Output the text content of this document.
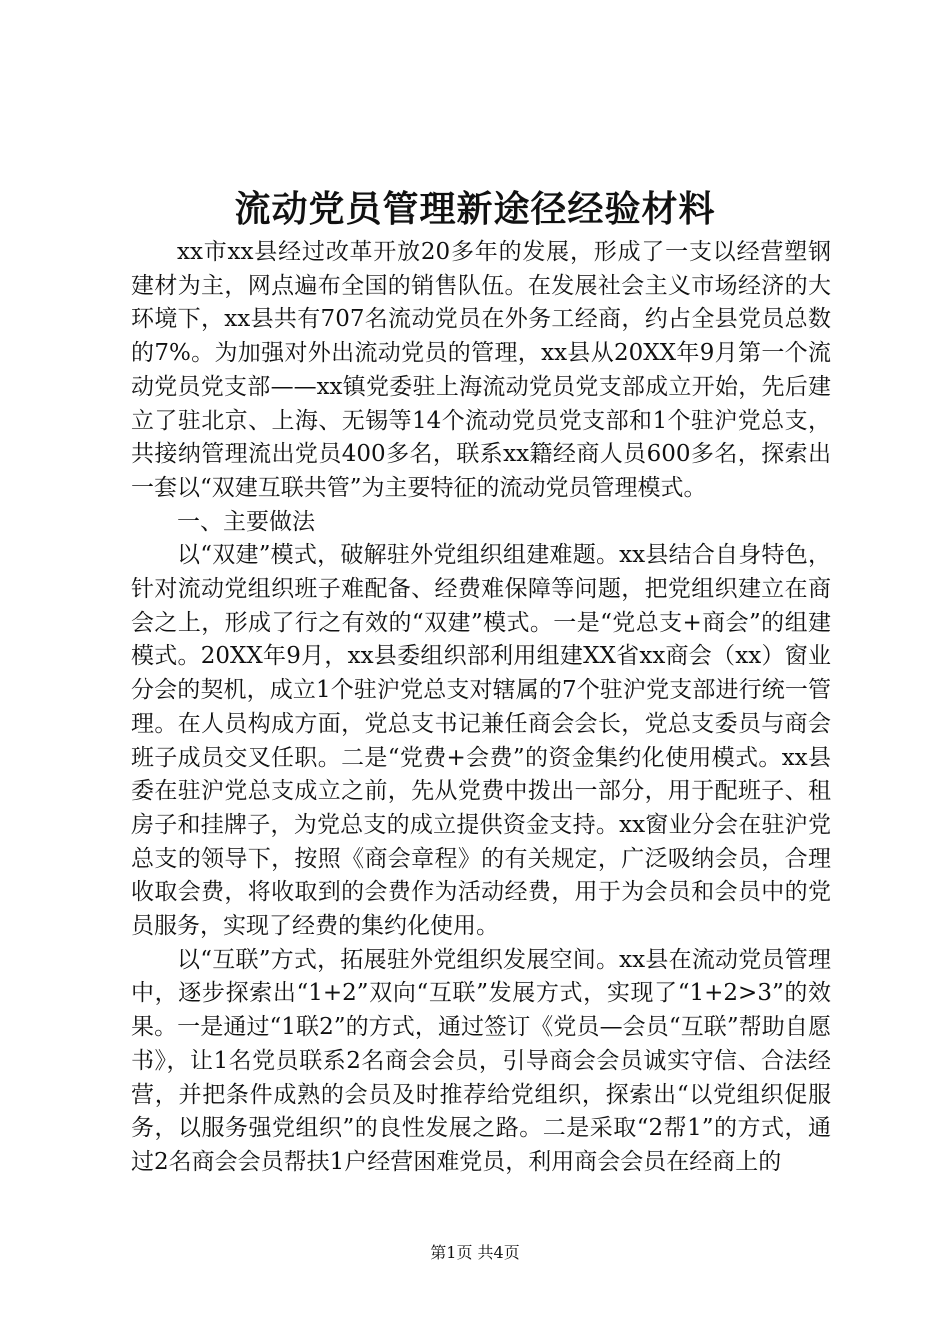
流动党员管理新途径经验材料

xx市xx县经过改革开放20多年的发展，形成了一支以经营塑钢建材为主，网点遍布全国的销售队伍。在发展社会主义市场经济的大环境下，xx县共有707名流动党员在外务工经商，约占全县党员总数的7%。为加强对外出流动党员的管理，xx县从20XX年9月第一个流动党员党支部——xx镇党委驻上海流动党员党支部成立开始，先后建立了驻北京、上海、无锡等14个流动党员党支部和1个驻沪党总支，共接纳管理流出党员400多名，联系xx籍经商人员600多名，探索出一套以“双建互联共管”为主要特征的流动党员管理模式。

一、主要做法

以“双建”模式，破解驻外党组织组建难题。xx县结合自身特色，针对流动党组织班子难配备、经费难保障等问题，把党组织建立在商会之上，形成了行之有效的“双建”模式。一是“党总支+商会”的组建模式。20XX年9月，xx县委组织部利用组建XX省xx商会（xx）窗业分会的契机，成立1个驻沪党总支对辖属的7个驻沪党支部进行统一管理。在人员构成方面，党总支书记兼任商会会长，党总支委员与商会班子成员交叉任职。二是“党费+会费”的资金集约化使用模式。xx县委在驻沪党总支成立之前，先从党费中拨出一部分，用于配班子、租房子和挂牌子，为党总支的成立提供资金支持。xx窗业分会在驻沪党总支的领导下，按照《商会章程》的有关规定，广泛吸纳会员，合理收取会费，将收取到的会费作为活动经费，用于为会员和会员中的党员服务，实现了经费的集约化使用。

以“互联”方式，拓展驻外党组织发展空间。xx县在流动党员管理中，逐步探索出“1+2”双向“互联”发展方式，实现了“1+2>3”的效果。一是通过“1联2”的方式，通过签订《党员—会员“互联”帮助自愿书》，让1名党员联系2名商会会员，引导商会会员诚实守信、合法经营，并把条件成熟的会员及时推荐给党组织，探索出“以党组织促服务，以服务强党组织”的良性发展之路。二是采取“2帮1”的方式，通过2名商会会员帮扶1户经营困难党员，利用商会会员在经商上的

第1页 共4页
